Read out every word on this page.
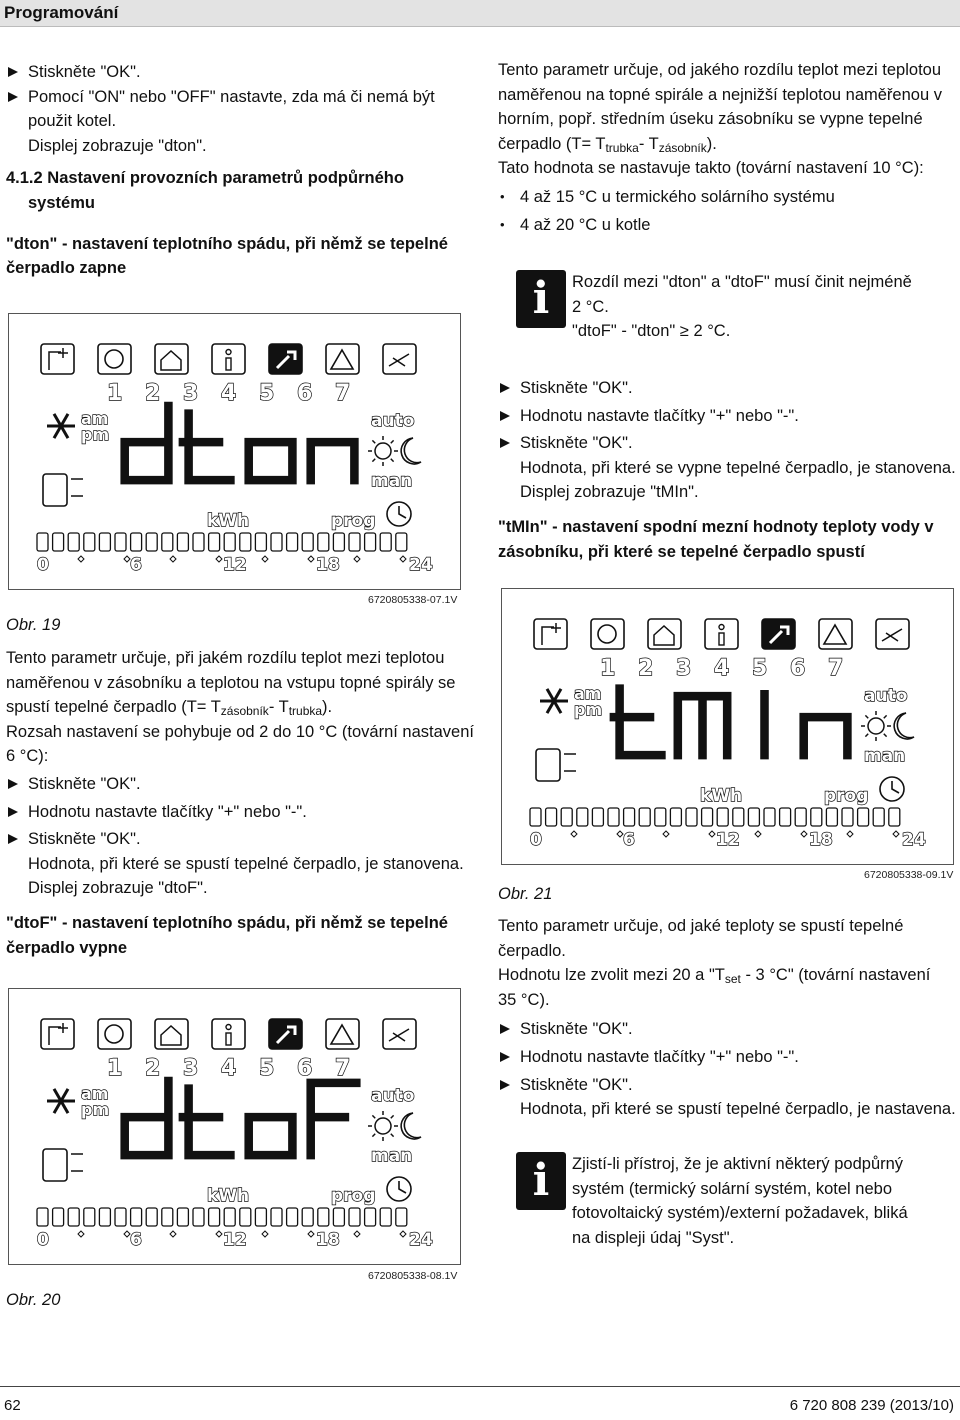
Programování

Stiskněte "OK".

Pomocí "ON" nebo "OFF" nastavte, zda má či nemá být

použit kotel.

Displej zobrazuje "dton".

4.1.2 Nastavení provozních parametrů podpůrného

systému

"dton" - nastavení teplotního spádu, při němž se tepelné

čerpadlo zapne

1 2 3 4 5 6 7
am
pm
auto
man
kWh	prog
0	6	12	18	24
6720805338-07.1V
Obr. 19

Tento parametr určuje, při jakém rozdílu teplot mezi teplotou

naměřenou v zásobníku a teplotou na vstupu topné spirály se

spustí tepelné čerpadlo ($T= T_{zásobník}-$ $T_{trubka}$).

Rozsah nastavení se pohybuje od 2 do 10 °C (tovární nastavení

6 °C):

Stiskněte "OK".

Hodnotu nastavte tlačítky "+" nebo "-".

Stiskněte "OK".

Hodnota, při které se spustí tepelné čerpadlo, je stanovena.

Displej zobrazuje "dtoF".

"dtoF" - nastavení teplotního spádu, při němž se tepelné

čerpadlo vypne

1 2 3 4 5 6 7
am
pm
auto
man
kWh	prog
0	6	12	18	24
6720805338-08.1V
Obr. 20

Tento parametr určuje, od jakého rozdílu teplot mezi teplotou

naměřenou na topné spirále a nejnižší teplotou naměřenou v

horním, popř. středním úseku zásobníku se vypne tepelné

čerpadlo ($T= T_{trubka}-$ $T_{zásobník}$).

Tato hodnota se nastavuje takto (tovární nastavení 10 °C):

• 4 až 15 °C u termického solárního systému

• 4 až 20 °C u kotle

i	Rozdíl mezi "dton" a "dtoF" musí činit nejméně

2 °C.

"dtoF" - "dton" ≥ 2 °C.

Stiskněte "OK".

Hodnotu nastavte tlačítky "+" nebo "-".

Stiskněte "OK".

Hodnota, při které se vypne tepelné čerpadlo, je stanovena.

Displej zobrazuje "tMIn".

"tMIn" - nastavení spodní mezní hodnoty teploty vody v

zásobníku, při které se tepelné čerpadlo spustí

1 2 3 4 5 6 7
am
pm
auto
man
kWh	prog
0	6	12	18	24
6720805338-09.1V
Obr. 21

Tento parametr určuje, od jaké teploty se spustí tepelné

čerpadlo.

Hodnotu lze zvolit mezi 20 a "$T_{set} - 3$ °C" (tovární nastavení

35 °C).

Stiskněte "OK".

Hodnotu nastavte tlačítky "+" nebo "-".

Stiskněte "OK".

Hodnota, při které se spustí tepelné čerpadlo, je nastavena.

i	Zjistí-li přístroj, že je aktivní některý podpůrný

systém (termický solární systém, kotel nebo

fotovoltaický systém)/externí požadavek, bliká

na displeji údaj "Syst".

62	6 720 808 239 (2013/10)
